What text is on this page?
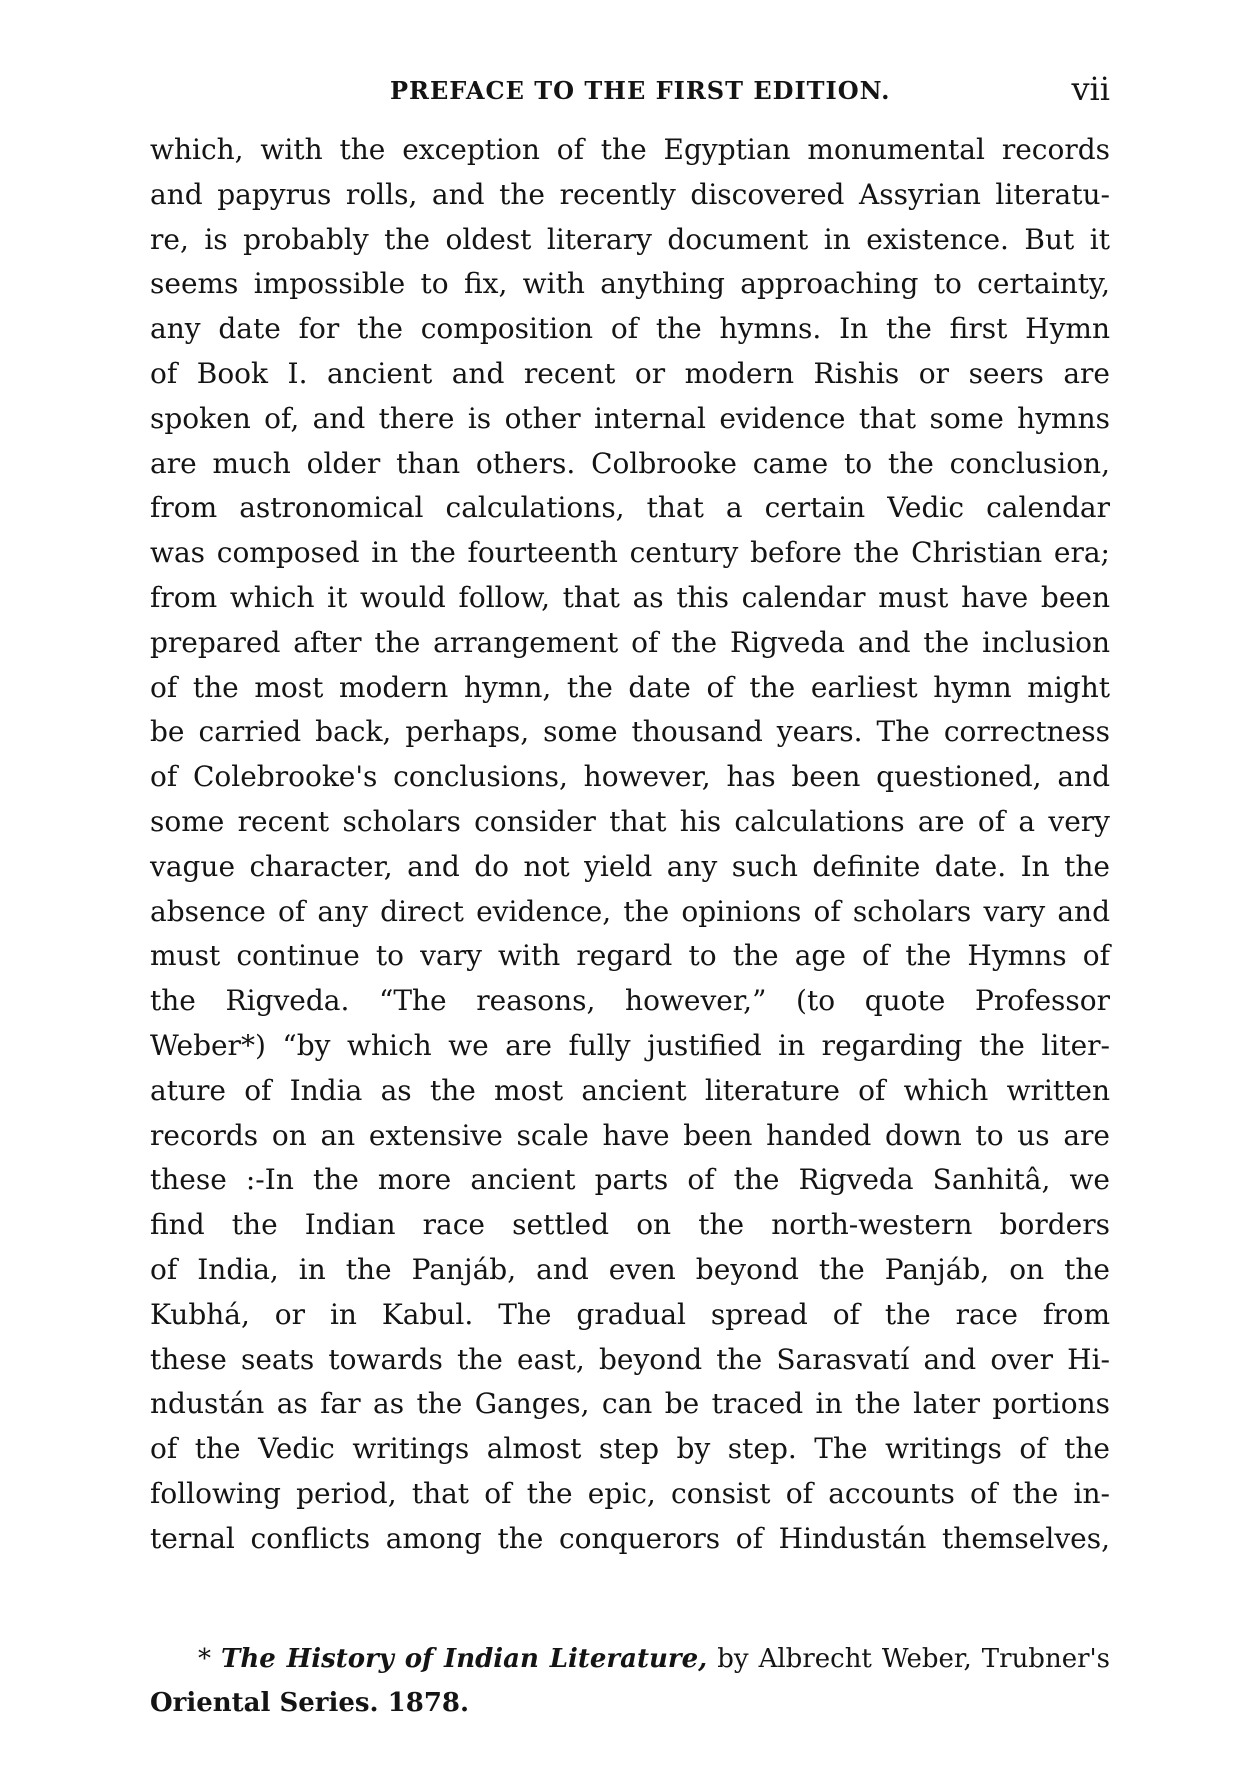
PREFACE TO THE FIRST EDITION.	vii
which, with the exception of the Egyptian monumental records
and papyrus rolls, and the recently discovered Assyrian literatu-
re, is probably the oldest literary document in existence. But it
seems impossible to fix, with anything approaching to certainty,
any date for the composition of the hymns. In the first Hymn
of Book I. ancient and recent or modern Rishis or seers are
spoken of, and there is other internal evidence that some hymns
are much older than others. Colbrooke came to the conclusion,
from astronomical calculations, that a certain Vedic calendar
was composed in the fourteenth century before the Christian era;
from which it would follow, that as this calendar must have been
prepared after the arrangement of the Rigveda and the inclusion
of the most modern hymn, the date of the earliest hymn might
be carried back, perhaps, some thousand years. The correctness
of Colebrooke's conclusions, however, has been questioned, and
some recent scholars consider that his calculations are of a very
vague character, and do not yield any such definite date. In the
absence of any direct evidence, the opinions of scholars vary and
must continue to vary with regard to the age of the Hymns of
the Rigveda. “The reasons, however,” (to quote Professor
Weber*) “by which we are fully justified in regarding the liter-
ature of India as the most ancient literature of which written
records on an extensive scale have been handed down to us are
these :-In the more ancient parts of the Rigveda Sanhitâ, we
find the Indian race settled on the north-western borders
of India, in the Panjáb, and even beyond the Panjáb, on the
Kubhá, or in Kabul. The gradual spread of the race from
these seats towards the east, beyond the Sarasvatí and over Hi-
ndustán as far as the Ganges, can be traced in the later portions
of the Vedic writings almost step by step. The writings of the
following period, that of the epic, consist of accounts of the in-
ternal conflicts among the conquerors of Hindustán themselves,
* The History of Indian Literature, by Albrecht Weber, Trubner's
Oriental Series. 1878.
